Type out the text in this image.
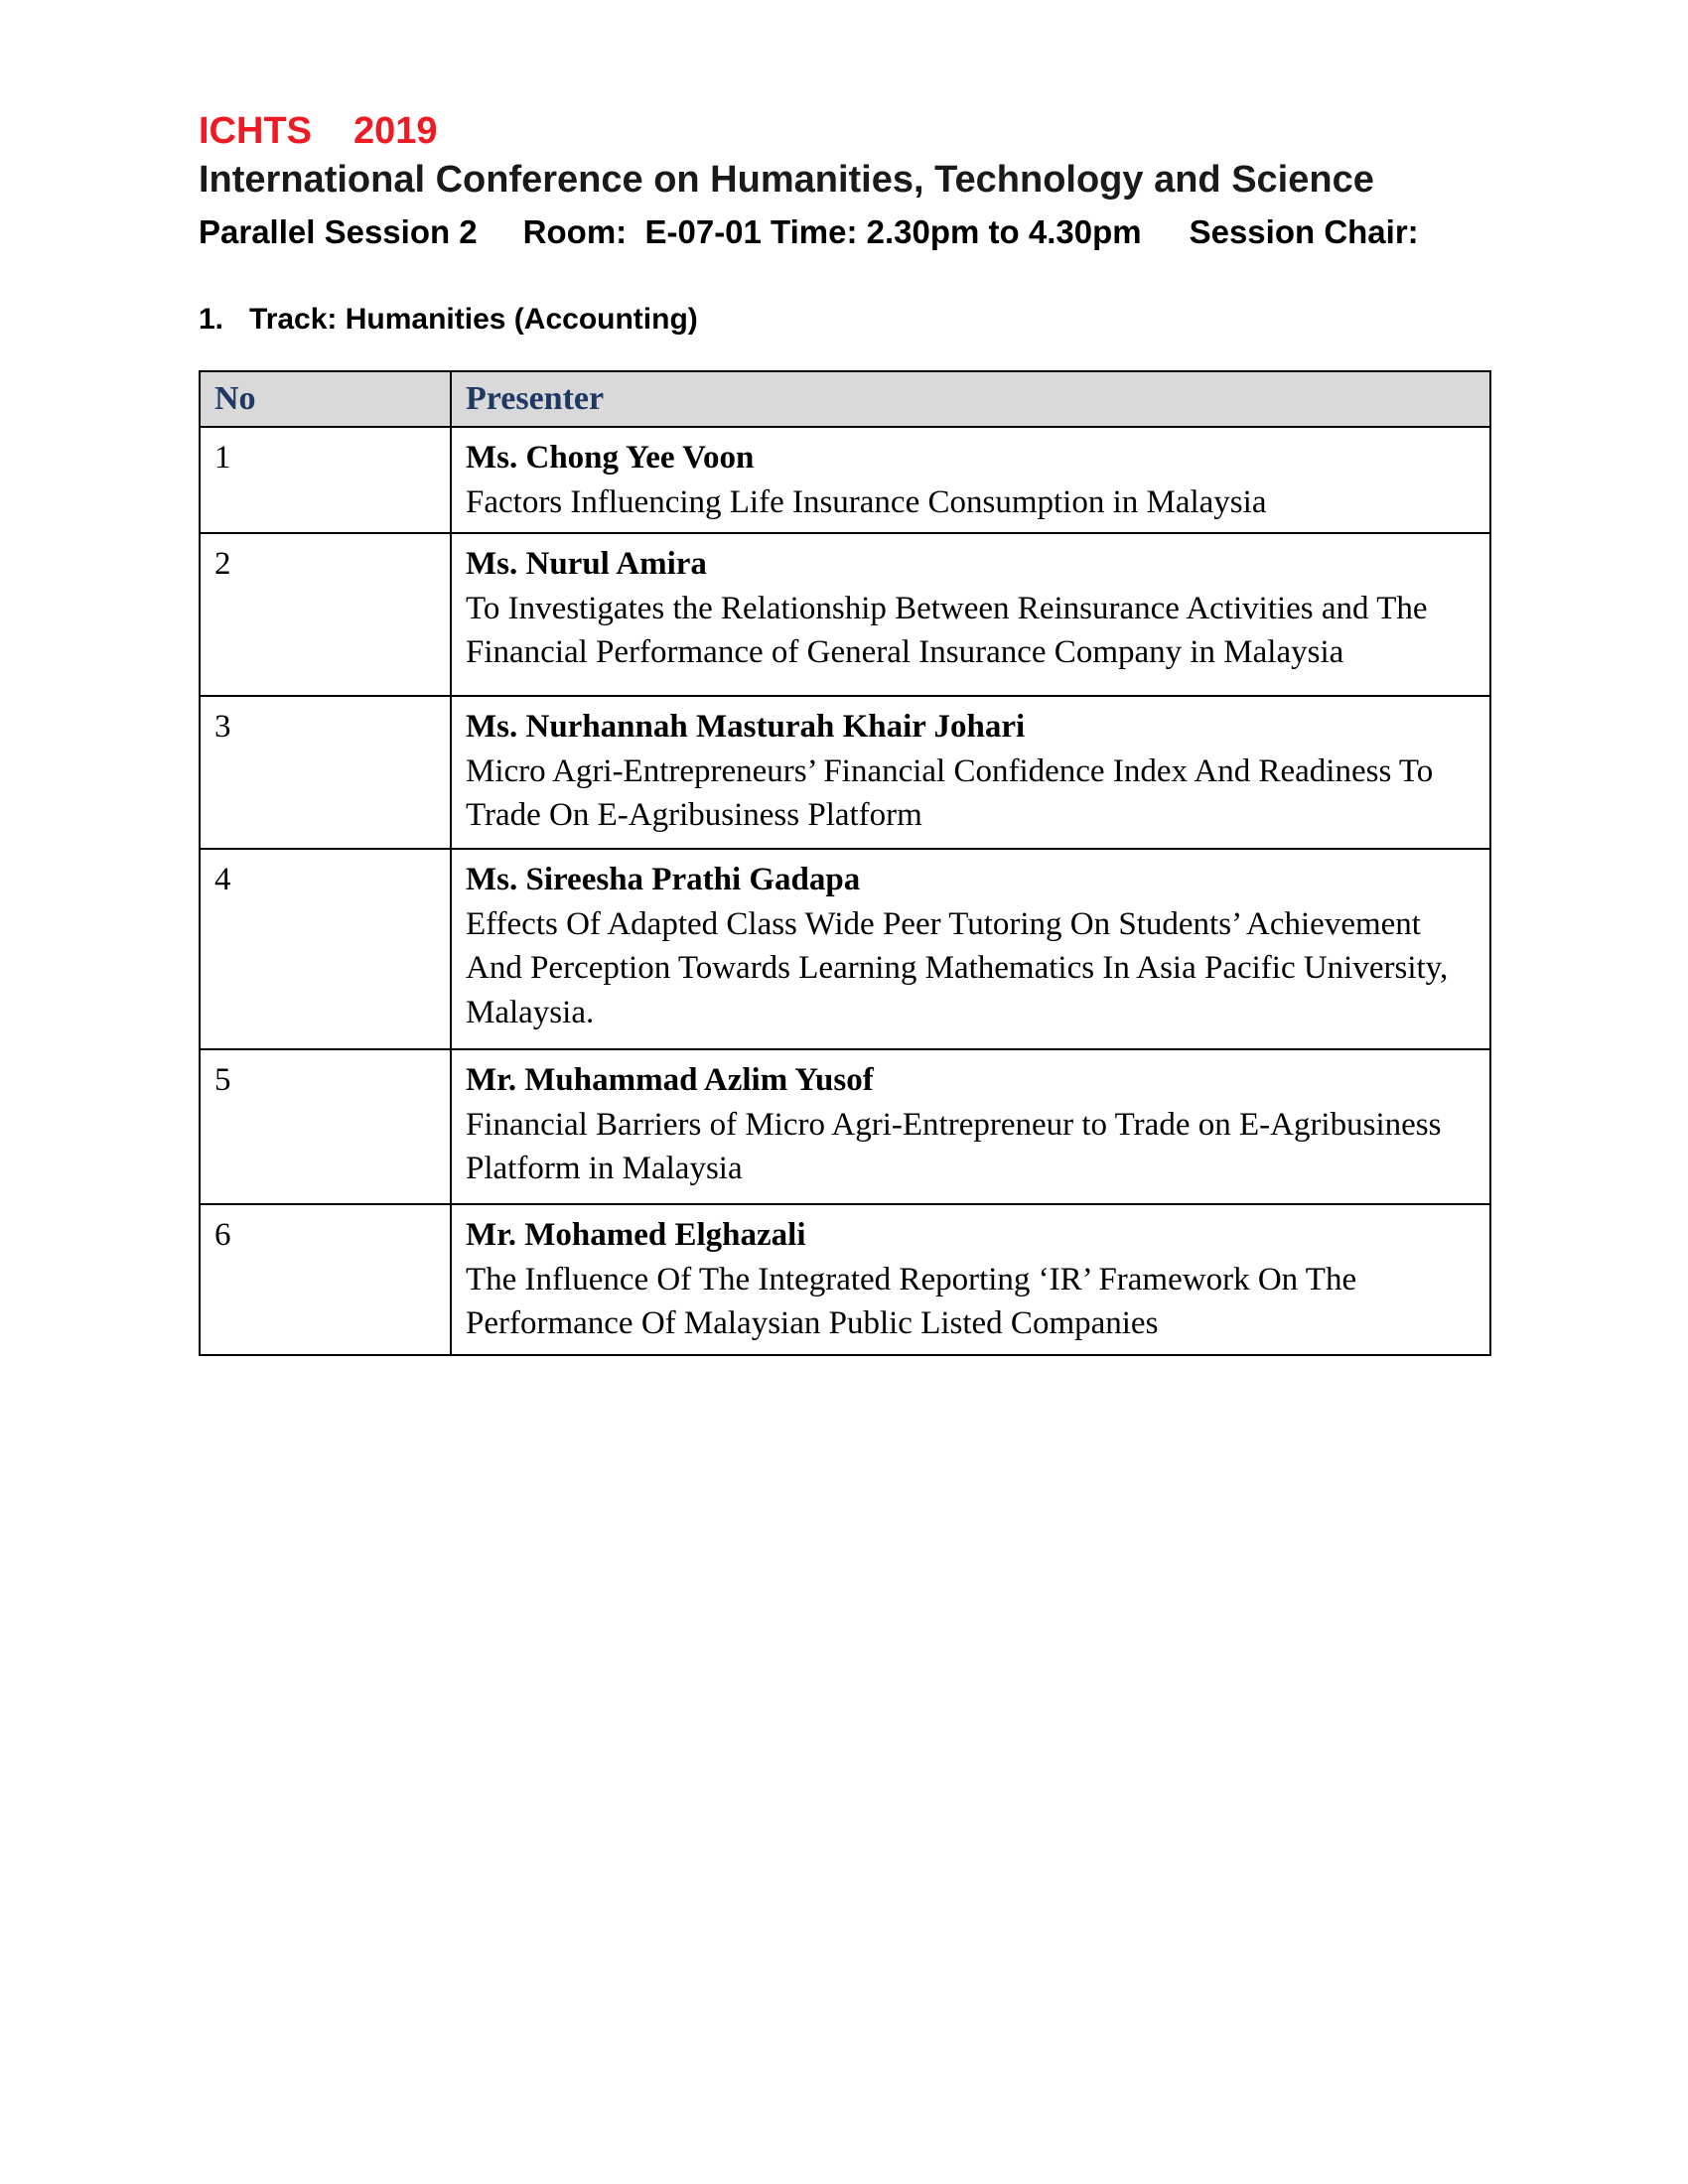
ICHTS 2019
International Conference on Humanities, Technology and Science
Parallel Session 2 Room:  E-07-01 Time: 2.30pm to 4.30pm Session Chair:
1. Track: Humanities (Accounting)
No	Presenter
1	Ms. Chong Yee Voon
Factors Influencing Life Insurance Consumption in Malaysia

2	Ms. Nurul Amira
To Investigates the Relationship Between Reinsurance Activities and The Financial Performance of General Insurance Company in Malaysia

3	Ms. Nurhannah Masturah Khair Johari
Micro Agri-Entrepreneurs’ Financial Confidence Index And Readiness To Trade On E-Agribusiness Platform

4	Ms. Sireesha Prathi Gadapa
Effects Of Adapted Class Wide Peer Tutoring On Students’ Achievement And Perception Towards Learning Mathematics In Asia Pacific University, Malaysia.

5	Mr. Muhammad Azlim Yusof
Financial Barriers of Micro Agri-Entrepreneur to Trade on E-Agribusiness Platform in Malaysia

6	Mr. Mohamed Elghazali
The Influence Of The Integrated Reporting ‘IR’ Framework On The Performance Of Malaysian Public Listed Companies
